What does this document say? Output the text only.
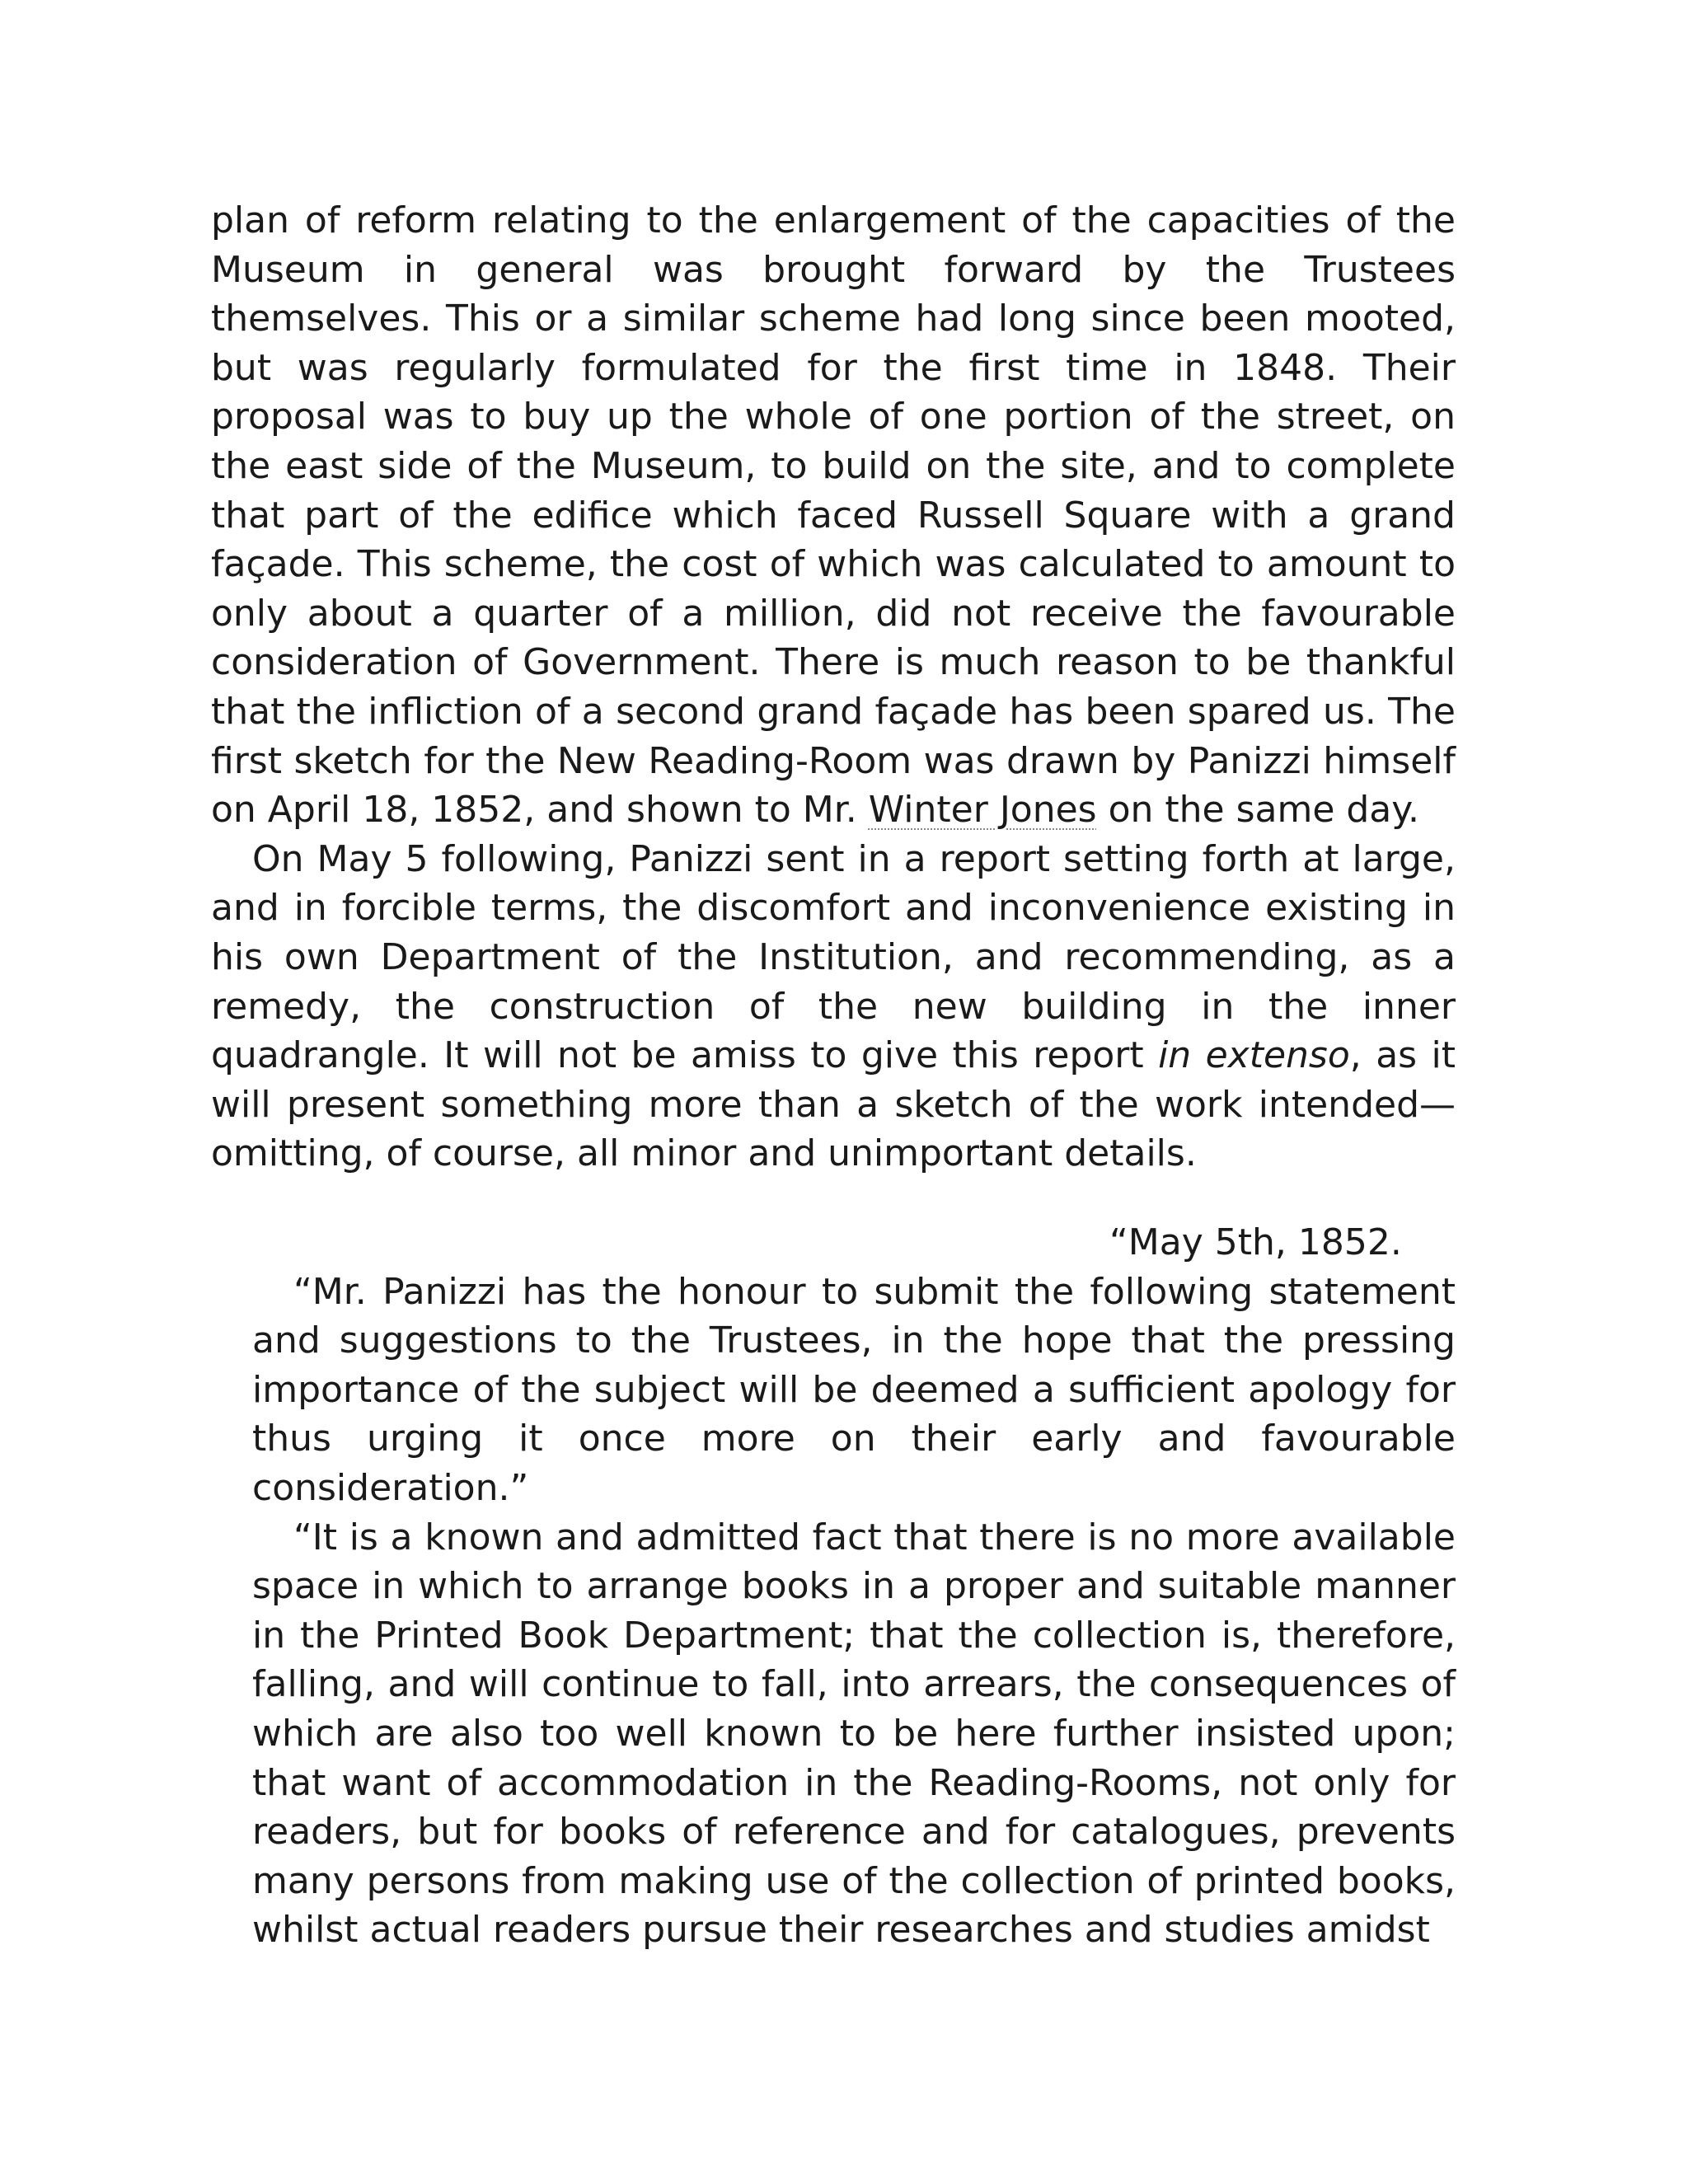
plan of reform relating to the enlargement of the capacities of the Museum in general was brought forward by the Trustees themselves. This or a similar scheme had long since been mooted, but was regularly formulated for the first time in 1848. Their proposal was to buy up the whole of one portion of the street, on the east side of the Museum, to build on the site, and to complete that part of the edifice which faced Russell Square with a grand façade. This scheme, the cost of which was calculated to amount to only about a quarter of a million, did not receive the favourable consideration of Government. There is much reason to be thankful that the infliction of a second grand façade has been spared us. The first sketch for the New Reading-Room was drawn by Panizzi himself on April 18, 1852, and shown to Mr. Winter Jones on the same day.

On May 5 following, Panizzi sent in a report setting forth at large, and in forcible terms, the discomfort and inconvenience existing in his own Department of the Institution, and recommending, as a remedy, the construction of the new building in the inner quadrangle. It will not be amiss to give this report in extenso, as it will present something more than a sketch of the work intended—omitting, of course, all minor and unimportant details.

“May 5th, 1852.

“Mr. Panizzi has the honour to submit the following statement and suggestions to the Trustees, in the hope that the pressing importance of the subject will be deemed a sufficient apology for thus urging it once more on their early and favourable consideration.”

“It is a known and admitted fact that there is no more available space in which to arrange books in a proper and suitable manner in the Printed Book Department; that the collection is, therefore, falling, and will continue to fall, into arrears, the consequences of which are also too well known to be here further insisted upon; that want of accommodation in the Reading-Rooms, not only for readers, but for books of reference and for catalogues, prevents many persons from making use of the collection of printed books, whilst actual readers pursue their researches and studies amidst
